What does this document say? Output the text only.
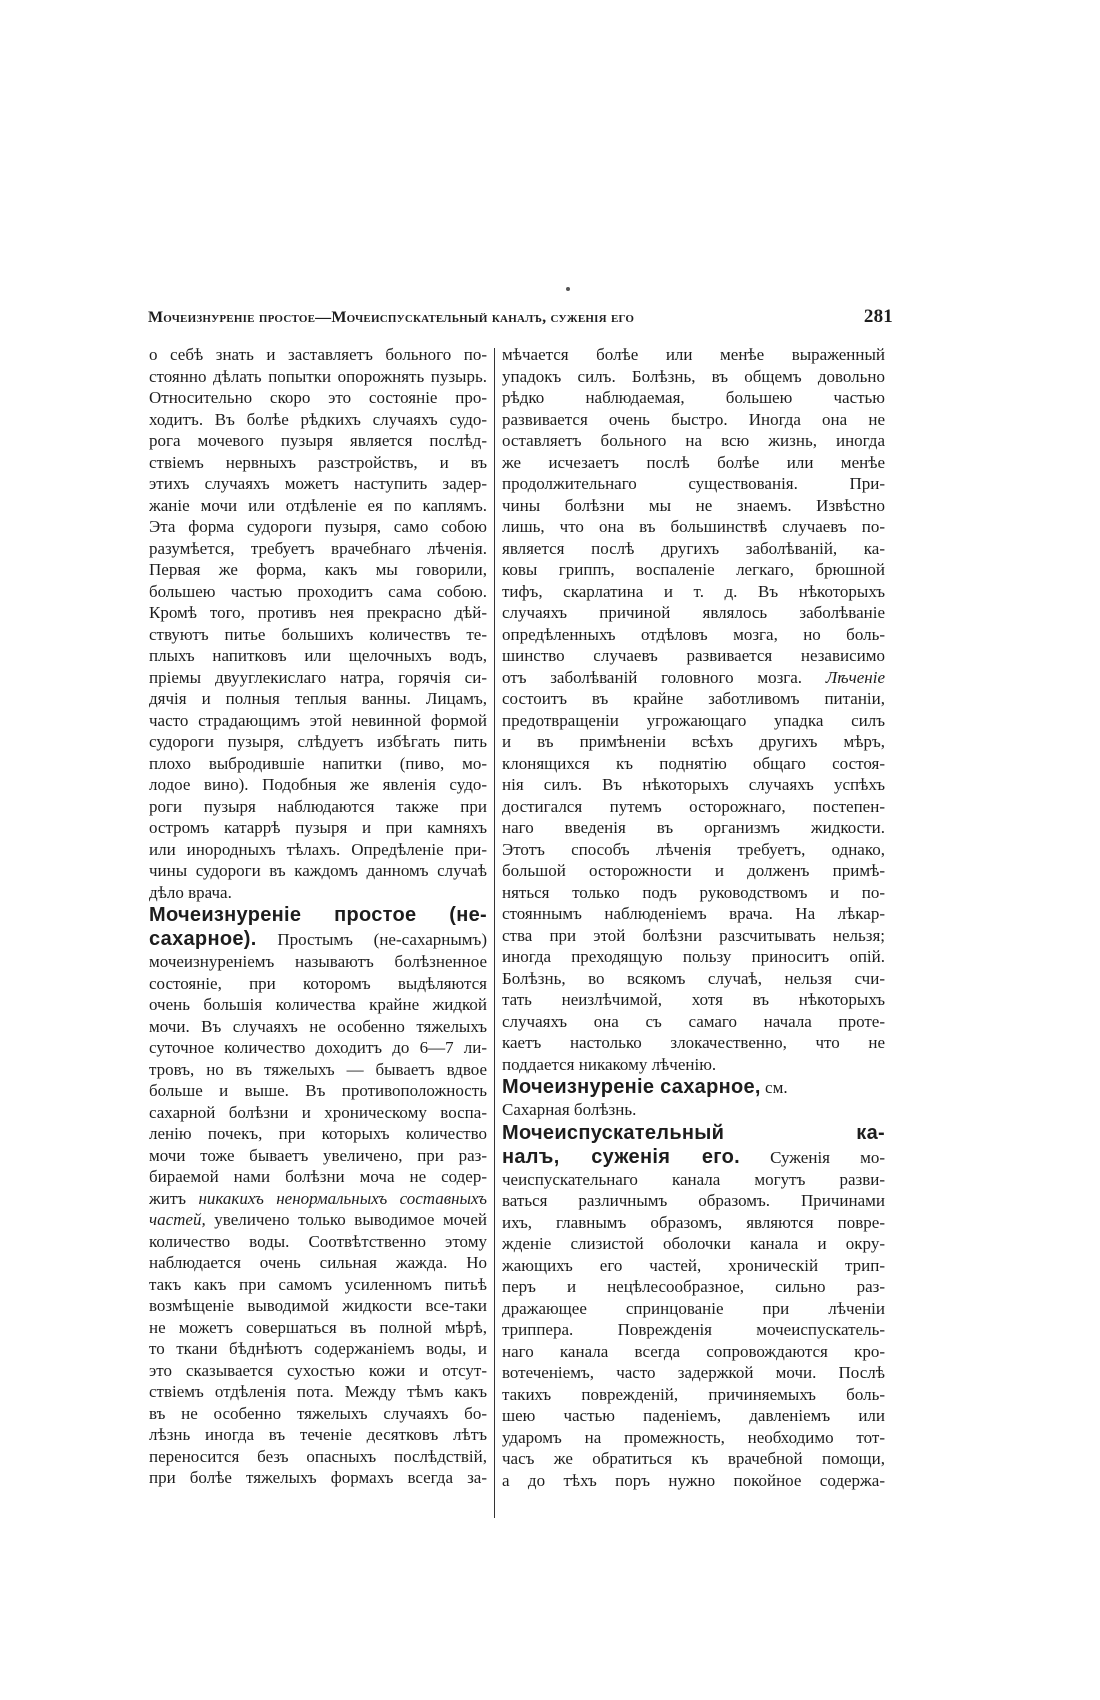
Мочеизнуреніе простое—Мочеиспускательный каналъ, суженія его	281
о себѣ знать и заставляетъ больного по-
стоянно дѣлать попытки опорожнять пузырь.
Относительно скоро это состояніе про-
ходитъ. Въ болѣе рѣдкихъ случаяхъ судо-
рога мочевого пузыря является послѣд-
ствіемъ нервныхъ разстройствъ, и въ
этихъ случаяхъ можетъ наступить задер-
жаніе мочи или отдѣленіе ея по каплямъ.
Эта форма судороги пузыря, само собою
разумѣется, требуетъ врачебнаго лѣченія.
Первая же форма, какъ мы говорили,
большею частью проходитъ сама собою.
Кромѣ того, противъ нея прекрасно дѣй-
ствуютъ питье большихъ количествъ те-
плыхъ напитковъ или щелочныхъ водъ,
пріемы двууглекислаго натра, горячія си-
дячія и полныя теплыя ванны. Лицамъ,
часто страдающимъ этой невинной формой
судороги пузыря, слѣдуетъ избѣгать пить
плохо выбродившіе напитки (пиво, мо-
лодое вино). Подобныя же явленія судо-
роги пузыря наблюдаются также при
остромъ катаррѣ пузыря и при камняхъ
или инородныхъ тѣлахъ. Опредѣленіе при-
чины судороги въ каждомъ данномъ случаѣ
дѣло врача.
Мочеизнуреніе простое (не-
сахарное). Простымъ (не-сахарнымъ)
мочеизнуреніемъ называютъ болѣзненное
состояніе, при которомъ выдѣляются
очень большія количества крайне жидкой
мочи. Въ случаяхъ не особенно тяжелыхъ
суточное количество доходитъ до 6—7 ли-
тровъ, но въ тяжелыхъ — бываетъ вдвое
больше и выше. Въ противоположность
сахарной болѣзни и хроническому воспа-
ленію почекъ, при которыхъ количество
мочи тоже бываетъ увеличено, при раз-
бираемой нами болѣзни моча не содер-
житъ никакихъ ненормальныхъ составныхъ
частей, увеличено только выводимое мочей
количество воды. Соотвѣтственно этому
наблюдается очень сильная жажда. Но
такъ какъ при самомъ усиленномъ питьѣ
возмѣщеніе выводимой жидкости все-таки
не можетъ совершаться въ полной мѣрѣ,
то ткани бѣднѣютъ содержаніемъ воды, и
это сказывается сухостью кожи и отсут-
ствіемъ отдѣленія пота. Между тѣмъ какъ
въ не особенно тяжелыхъ случаяхъ бо-
лѣзнь иногда въ теченіе десятковъ лѣтъ
переносится безъ опасныхъ послѣдствій,
при болѣе тяжелыхъ формахъ всегда за-
мѣчается болѣе или менѣе выраженный
упадокъ силъ. Болѣзнь, въ общемъ довольно
рѣдко наблюдаемая, большею частью
развивается очень быстро. Иногда она не
оставляетъ больного на всю жизнь, иногда
же исчезаетъ послѣ болѣе или менѣе
продолжительнаго существованія. При-
чины болѣзни мы не знаемъ. Извѣстно
лишь, что она въ большинствѣ случаевъ по-
является послѣ другихъ заболѣваній, ка-
ковы гриппъ, воспаленіе легкаго, брюшной
тифъ, скарлатина и т. д. Въ нѣкоторыхъ
случаяхъ причиной являлось заболѣваніе
опредѣленныхъ отдѣловъ мозга, но боль-
шинство случаевъ развивается независимо
отъ заболѣваній головного мозга. Лѣченіе
состоитъ въ крайне заботливомъ питаніи,
предотвращеніи угрожающаго упадка силъ
и въ примѣненіи всѣхъ другихъ мѣръ,
клонящихся къ поднятію общаго состоя-
нія силъ. Въ нѣкоторыхъ случаяхъ успѣхъ
достигался путемъ осторожнаго, постепен-
наго введенія въ организмъ жидкости.
Этотъ способъ лѣченія требуетъ, однако,
большой осторожности и долженъ примѣ-
няться только подъ руководствомъ и по-
стояннымъ наблюденіемъ врача. На лѣкар-
ства при этой болѣзни разсчитывать нельзя;
иногда преходящую пользу приноситъ опій.
Болѣзнь, во всякомъ случаѣ, нельзя счи-
тать неизлѣчимой, хотя въ нѣкоторыхъ
случаяхъ она съ самаго начала проте-
каетъ настолько злокачественно, что не
поддается никакому лѣченію.
Мочеизнуреніе сахарное, см.
Сахарная болѣзнь.
Мочеиспускательный ка-
налъ, суженія его. Суженія мо-
чеиспускательнаго канала могутъ разви-
ваться различнымъ образомъ. Причинами
ихъ, главнымъ образомъ, являются повре-
жденіе слизистой оболочки канала и окру-
жающихъ его частей, хроническій трип-
перъ и нецѣлесообразное, сильно раз-
дражающее спринцованіе при лѣченіи
триппера. Поврежденія мочеиспускатель-
наго канала всегда сопровождаются кро-
вотеченіемъ, часто задержкой мочи. Послѣ
такихъ поврежденій, причиняемыхъ боль-
шею частью паденіемъ, давленіемъ или
ударомъ на промежность, необходимо тот-
часъ же обратиться къ врачебной помощи,
а до тѣхъ поръ нужно покойное содержа-
